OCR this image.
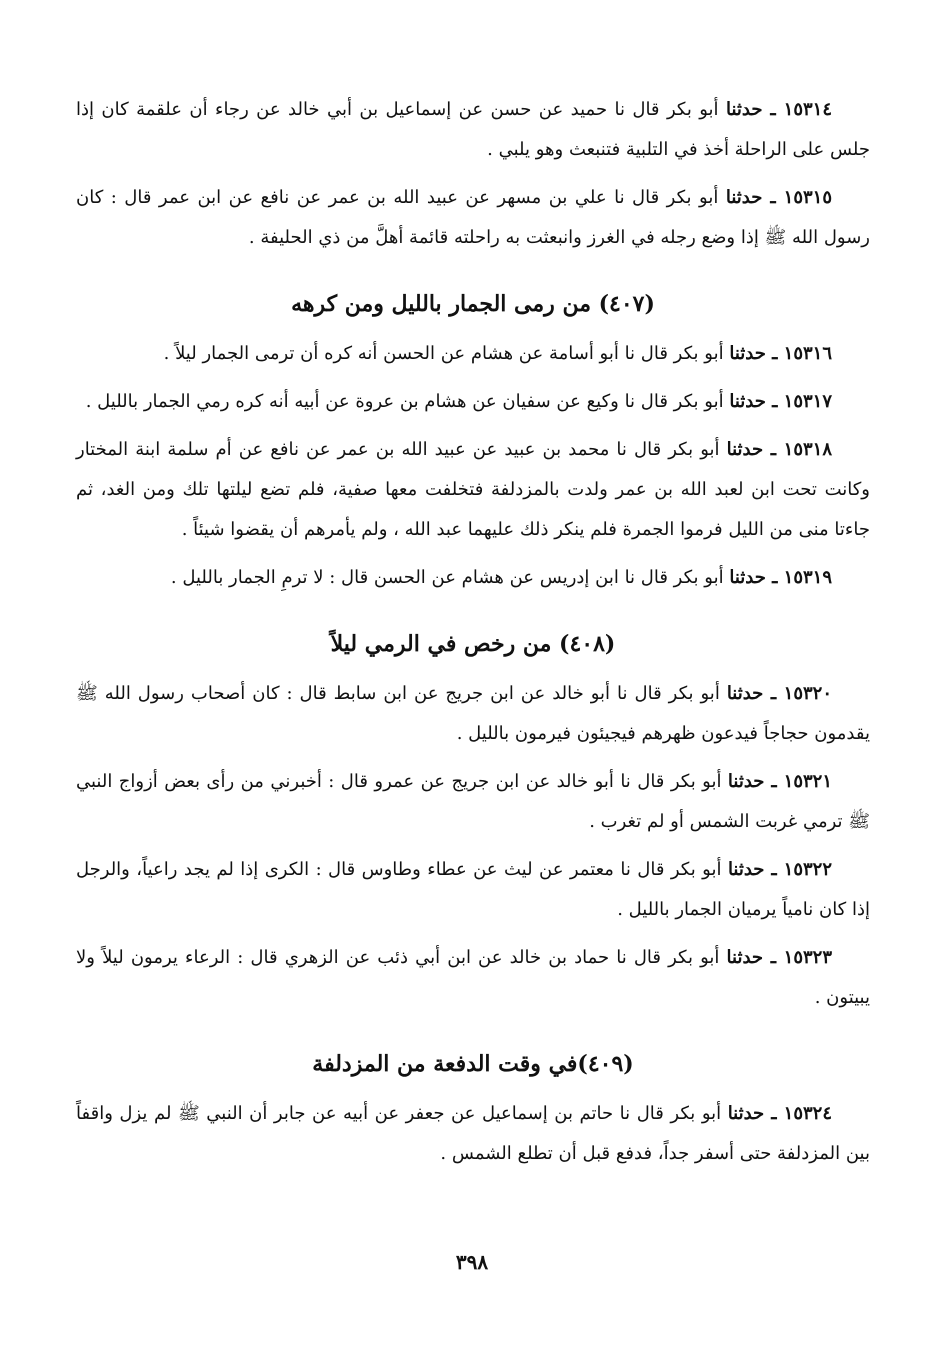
١٥٣١٤ ـ حدثنا أبو بكر قال نا حميد عن حسن عن إسماعيل بن أبي خالد عن رجاء أن علقمة كان إذا جلس على الراحلة أخذ في التلبية فتنبعث وهو يلبي .

١٥٣١٥ ـ حدثنا أبو بكر قال نا علي بن مسهر عن عبيد الله بن عمر عن نافع عن ابن عمر قال : كان رسول الله ﷺ إذا وضع رجله في الغرز وانبعثت به راحلته قائمة أهلَّ من ذي الحليفة .

(٤٠٧) من رمى الجمار بالليل ومن كرهه

١٥٣١٦ ـ حدثنا أبو بكر قال نا أبو أسامة عن هشام عن الحسن أنه كره أن ترمى الجمار ليلاً .

١٥٣١٧ ـ حدثنا أبو بكر قال نا وكيع عن سفيان عن هشام بن عروة عن أبيه أنه كره رمي الجمار بالليل .

١٥٣١٨ ـ حدثنا أبو بكر قال نا محمد بن عبيد عن عبيد الله بن عمر عن نافع عن أم سلمة ابنة المختار وكانت تحت ابن لعبد الله بن عمر ولدت بالمزدلفة فتخلفت معها صفية، فلم تضع ليلتها تلك ومن الغد، ثم جاءتا منى من الليل فرموا الجمرة فلم ينكر ذلك عليهما عبد الله ، ولم يأمرهم أن يقضوا شيئاً .

١٥٣١٩ ـ حدثنا أبو بكر قال نا ابن إدريس عن هشام عن الحسن قال : لا ترمِ الجمار بالليل .

(٤٠٨) من رخص في الرمي ليلاً

١٥٣٢٠ ـ حدثنا أبو بكر قال نا أبو خالد عن ابن جريج عن ابن سابط قال : كان أصحاب رسول الله ﷺ يقدمون حجاجاً فيدعون ظهرهم فيجيئون فيرمون بالليل .

١٥٣٢١ ـ حدثنا أبو بكر قال نا أبو خالد عن ابن جريج عن عمرو قال : أخبرني من رأى بعض أزواج النبي ﷺ ترمي غربت الشمس أو لم تغرب .

١٥٣٢٢ ـ حدثنا أبو بكر قال نا معتمر عن ليث عن عطاء وطاوس قال : الكرى إذا لم يجد راعياً، والرجل إذا كان نامياً يرميان الجمار بالليل .

١٥٣٢٣ ـ حدثنا أبو بكر قال نا حماد بن خالد عن ابن أبي ذئب عن الزهري قال : الرعاء يرمون ليلاً ولا يبيتون .

(٤٠٩)في وقت الدفعة من المزدلفة

١٥٣٢٤ ـ حدثنا أبو بكر قال نا حاتم بن إسماعيل عن جعفر عن أبيه عن جابر أن النبي ﷺ لم يزل واقفاً بين المزدلفة حتى أسفر جداً، فدفع قبل أن تطلع الشمس .

٣٩٨
